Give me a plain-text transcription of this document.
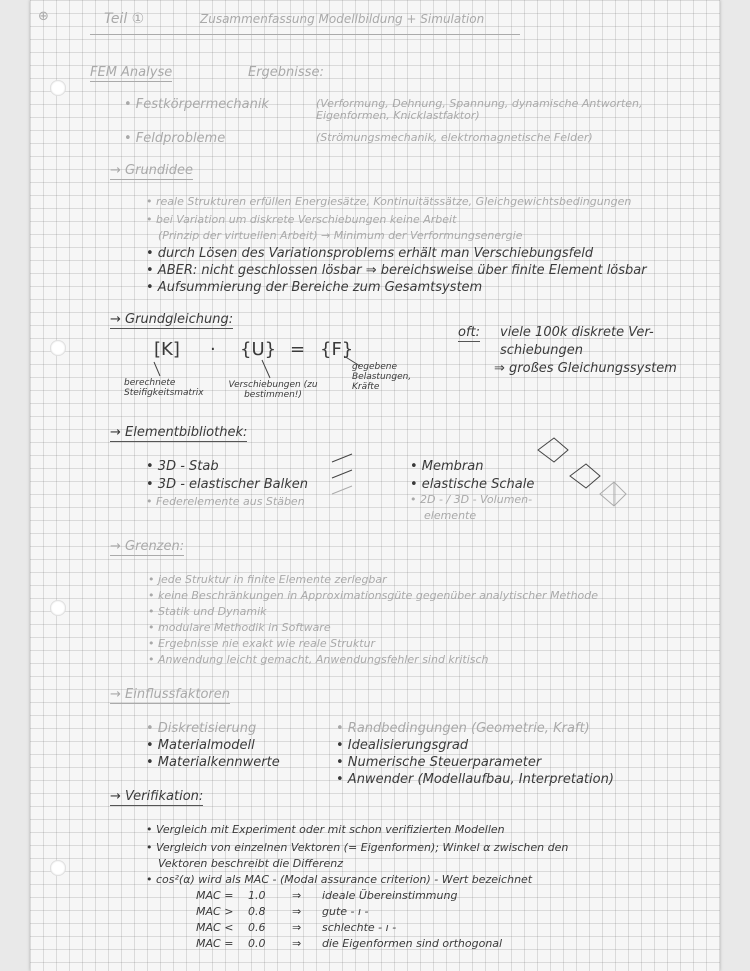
⊕	Teil ①	Zusammenfassung Modellbildung + Simulation
FEM Analyse	Ergebnisse:
• Festkörpermechanik	(Verformung, Dehnung, Spannung, dynamische Antworten, Eigenformen, Knicklastfaktor)
• Feldprobleme	(Strömungsmechanik, elektromagnetische Felder)
→ Grundidee
• reale Strukturen erfüllen Energiesätze, Kontinuitätssätze, Gleichgewichtsbedingungen
• bei Variation um diskrete Verschiebungen keine Arbeit
(Prinzip der virtuellen Arbeit) → Minimum der Verformungsenergie
• durch Lösen des Variationsproblems erhält man Verschiebungsfeld
• ABER: nicht geschlossen lösbar ⇒ bereichsweise über finite Element lösbar
• Aufsummierung der Bereiche zum Gesamtsystem
→ Grundgleichung:
[K] · {U} = {F}
berechnete Steifigkeitsmatrix
Verschiebungen (zu bestimmen!)
gegebene Belastungen, Kräfte
oft: viele 100k diskrete Ver-
schiebungen
⇒ großes Gleichungssystem
→ Elementbibliothek:
• 3D - Stab
• 3D - elastischer Balken
• Federelemente aus Stäben
• Membran
• elastische Schale
• 2D - / 3D - Volumen-
elemente
→ Grenzen:
• jede Struktur in finite Elemente zerlegbar
• keine Beschränkungen in Approximationsgüte gegenüber analytischer Methode
• Statik und Dynamik
• modulare Methodik in Software
• Ergebnisse nie exakt wie reale Struktur
• Anwendung leicht gemacht, Anwendungsfehler sind kritisch
→ Einflussfaktoren
• Diskretisierung
• Materialmodell
• Materialkennwerte
• Randbedingungen (Geometrie, Kraft)
• Idealisierungsgrad
• Numerische Steuerparameter
• Anwender (Modellaufbau, Interpretation)
→ Verifikation:
• Vergleich mit Experiment oder mit schon verifizierten Modellen
• Vergleich von einzelnen Vektoren (= Eigenformen); Winkel α zwischen den
Vektoren beschreibt die Differenz
• cos²(α) wird als MAC - (Modal assurance criterion) - Wert bezeichnet
MAC = 1.0 ⇒ ideale Übereinstimmung
MAC > 0.8 ⇒ gute - ı -
MAC < 0.6 ⇒ schlechte - ı -
MAC = 0.0 ⇒ die Eigenformen sind orthogonal
